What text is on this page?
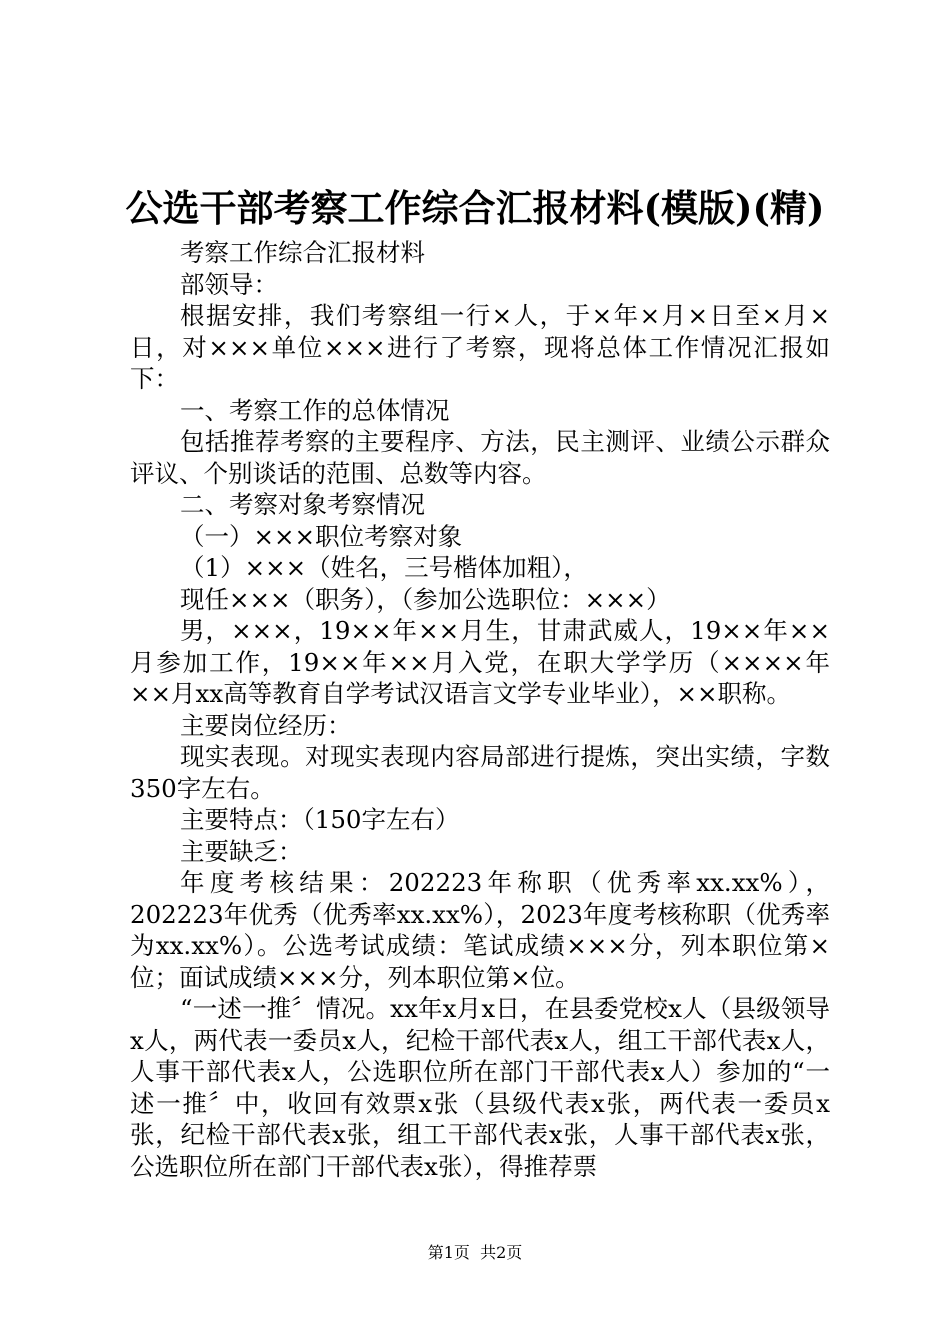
公选干部考察工作综合汇报材料(模版)(精)

考察工作综合汇报材料

部领导：

根据安排，我们考察组一行×人，于×年×月×日至×月×日，对×××单位×××进行了考察，现将总体工作情况汇报如下：

一、考察工作的总体情况

包括推荐考察的主要程序、方法，民主测评、业绩公示群众评议、个别谈话的范围、总数等内容。

二、考察对象考察情况

（一）×××职位考察对象

（1）×××（姓名，三号楷体加粗），

现任×××（职务），（参加公选职位：×××）

男，×××，19××年××月生，甘肃武威人，19××年××月参加工作，19××年××月入党，在职大学学历（××××年××月xx高等教育自学考试汉语言文学专业毕业），××职称。

主要岗位经历：

现实表现。对现实表现内容局部进行提炼，突出实绩，字数350字左右。

主要特点：（150字左右）

主要缺乏：

年度考核结果：202223年称职（优秀率xx.xx%），202223年优秀（优秀率xx.xx%），2023年度考核称职（优秀率为xx.xx%）。公选考试成绩：笔试成绩×××分，列本职位第×位；面试成绩×××分，列本职位第×位。

“一述一推〞情况。xx年x月x日，在县委党校x人（县级领导x人，两代表一委员x人，纪检干部代表x人，组工干部代表x人，人事干部代表x人，公选职位所在部门干部代表x人）参加的“一述一推〞中，收回有效票x张（县级代表x张，两代表一委员x张，纪检干部代表x张，组工干部代表x张，人事干部代表x张，公选职位所在部门干部代表x张），得推荐票

第1页  共2页
